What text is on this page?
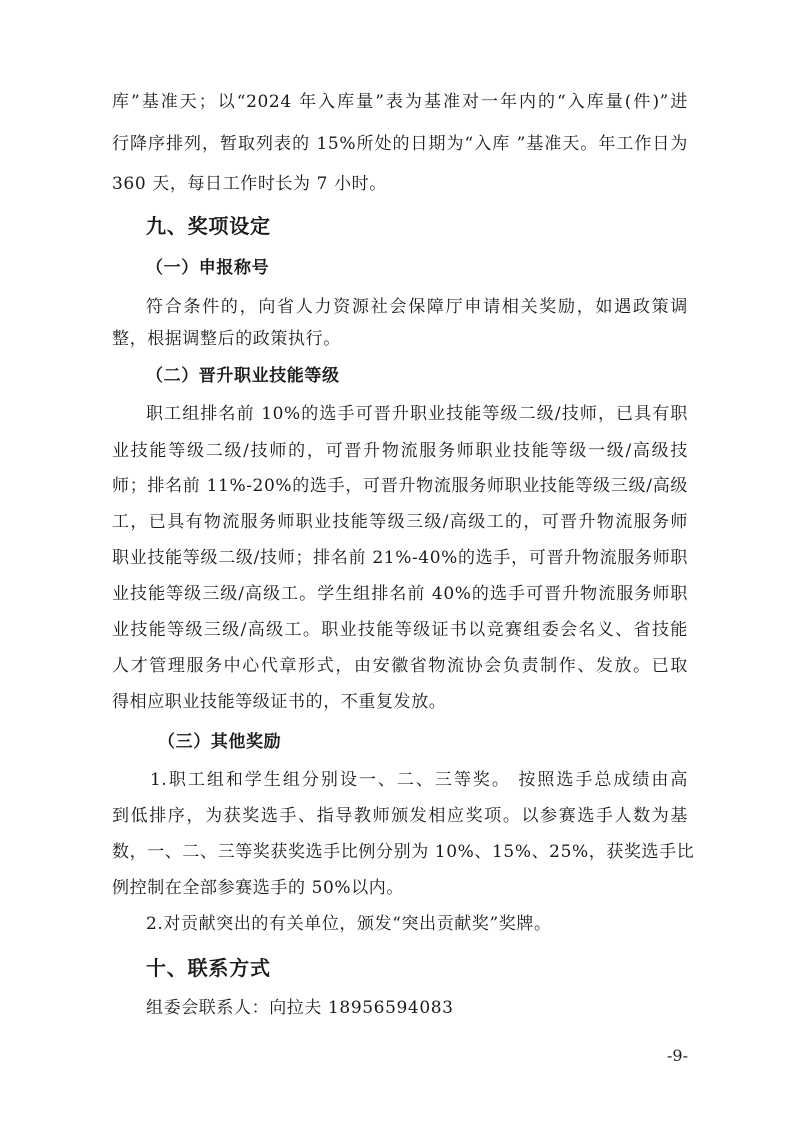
库”基准天；以“2024 年入库量”表为基准对一年内的“入库量(件)”进
行降序排列，暂取列表的 15%所处的日期为“入库 ”基准天。年工作日为
360 天，每日工作时长为 7 小时。
九、奖项设定
（一）申报称号
符合条件的，向省人力资源社会保障厅申请相关奖励，如遇政策调
整，根据调整后的政策执行。
（二）晋升职业技能等级
职工组排名前 10%的选手可晋升职业技能等级二级/技师，已具有职
业技能等级二级/技师的，可晋升物流服务师职业技能等级一级/高级技
师；排名前 11%-20%的选手，可晋升物流服务师职业技能等级三级/高级
工，已具有物流服务师职业技能等级三级/高级工的，可晋升物流服务师
职业技能等级二级/技师；排名前 21%-40%的选手，可晋升物流服务师职
业技能等级三级/高级工。学生组排名前 40%的选手可晋升物流服务师职
业技能等级三级/高级工。职业技能等级证书以竞赛组委会名义、省技能
人才管理服务中心代章形式，由安徽省物流协会负责制作、发放。已取
得相应职业技能等级证书的，不重复发放。
（三）其他奖励
1.职工组和学生组分别设一、二、三等奖。 按照选手总成绩由高
到低排序，为获奖选手、指导教师颁发相应奖项。以参赛选手人数为基
数，一、二、三等奖获奖选手比例分别为 10%、15%、25%，获奖选手比
例控制在全部参赛选手的 50%以内。
2.对贡献突出的有关单位，颁发“突出贡献奖”奖牌。
十、联系方式
组委会联系人：向拉夫 18956594083
-9-
